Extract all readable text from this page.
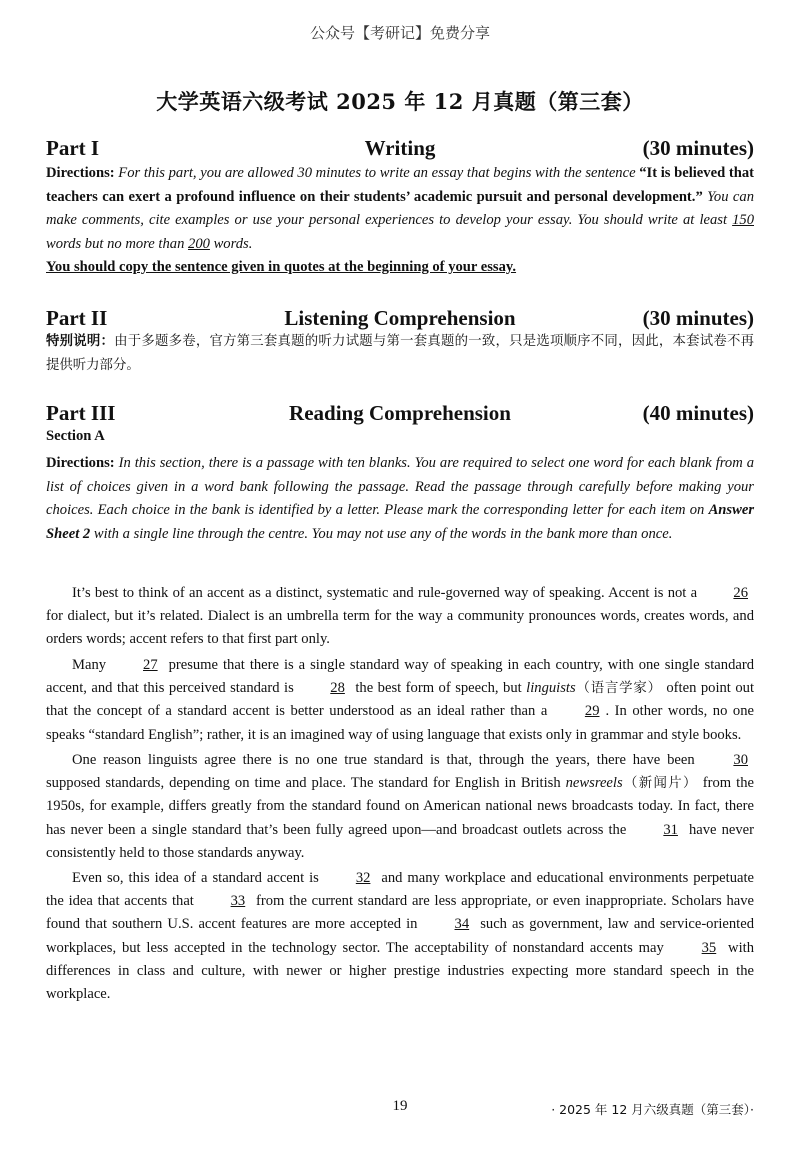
公众号【考研记】免费分享
大学英语六级考试 2025 年 12 月真题（第三套）
Part I	Writing	(30 minutes)
Directions: For this part, you are allowed 30 minutes to write an essay that begins with the sentence “It is believed that teachers can exert a profound influence on their students’ academic pursuit and personal development.” You can make comments, cite examples or use your personal experiences to develop your essay. You should write at least 150 words but no more than 200 words.
You should copy the sentence given in quotes at the beginning of your essay.
Part II	Listening Comprehension	(30 minutes)
特别说明：由于多题多卷，官方第三套真题的听力试题与第一套真题的一致，只是选项顺序不同，因此，本套试卷不再提供听力部分。
Part III	Reading Comprehension	(40 minutes)
Section A
Directions: In this section, there is a passage with ten blanks. You are required to select one word for each blank from a list of choices given in a word bank following the passage. Read the passage through carefully before making your choices. Each choice in the bank is identified by a letter. Please mark the corresponding letter for each item on Answer Sheet 2 with a single line through the centre. You may not use any of the words in the bank more than once.

It’s best to think of an accent as a distinct, systematic and rule-governed way of speaking. Accent is not a 26 for dialect, but it’s related. Dialect is an umbrella term for the way a community pronounces words, creates words, and orders words; accent refers to that first part only.

Many 27 presume that there is a single standard way of speaking in each country, with one single standard accent, and that this perceived standard is 28 the best form of speech, but linguists（语言学家） often point out that the concept of a standard accent is better understood as an ideal rather than a 29 . In other words, no one speaks “standard English”; rather, it is an imagined way of using language that exists only in grammar and style books.

One reason linguists agree there is no one true standard is that, through the years, there have been 30 supposed standards, depending on time and place. The standard for English in British newsreels（新闻片） from the 1950s, for example, differs greatly from the standard found on American national news broadcasts today. In fact, there has never been a single standard that’s been fully agreed upon—and broadcast outlets across the 31 have never consistently held to those standards anyway.

Even so, this idea of a standard accent is 32 and many workplace and educational environments perpetuate the idea that accents that 33 from the current standard are less appropriate, or even inappropriate. Scholars have found that southern U.S. accent features are more accepted in 34 such as government, law and service-oriented workplaces, but less accepted in the technology sector. The acceptability of nonstandard accents may 35 with differences in class and culture, with newer or higher prestige industries expecting more standard speech in the workplace.

19	· 2025 年 12 月六级真题（第三套）·
